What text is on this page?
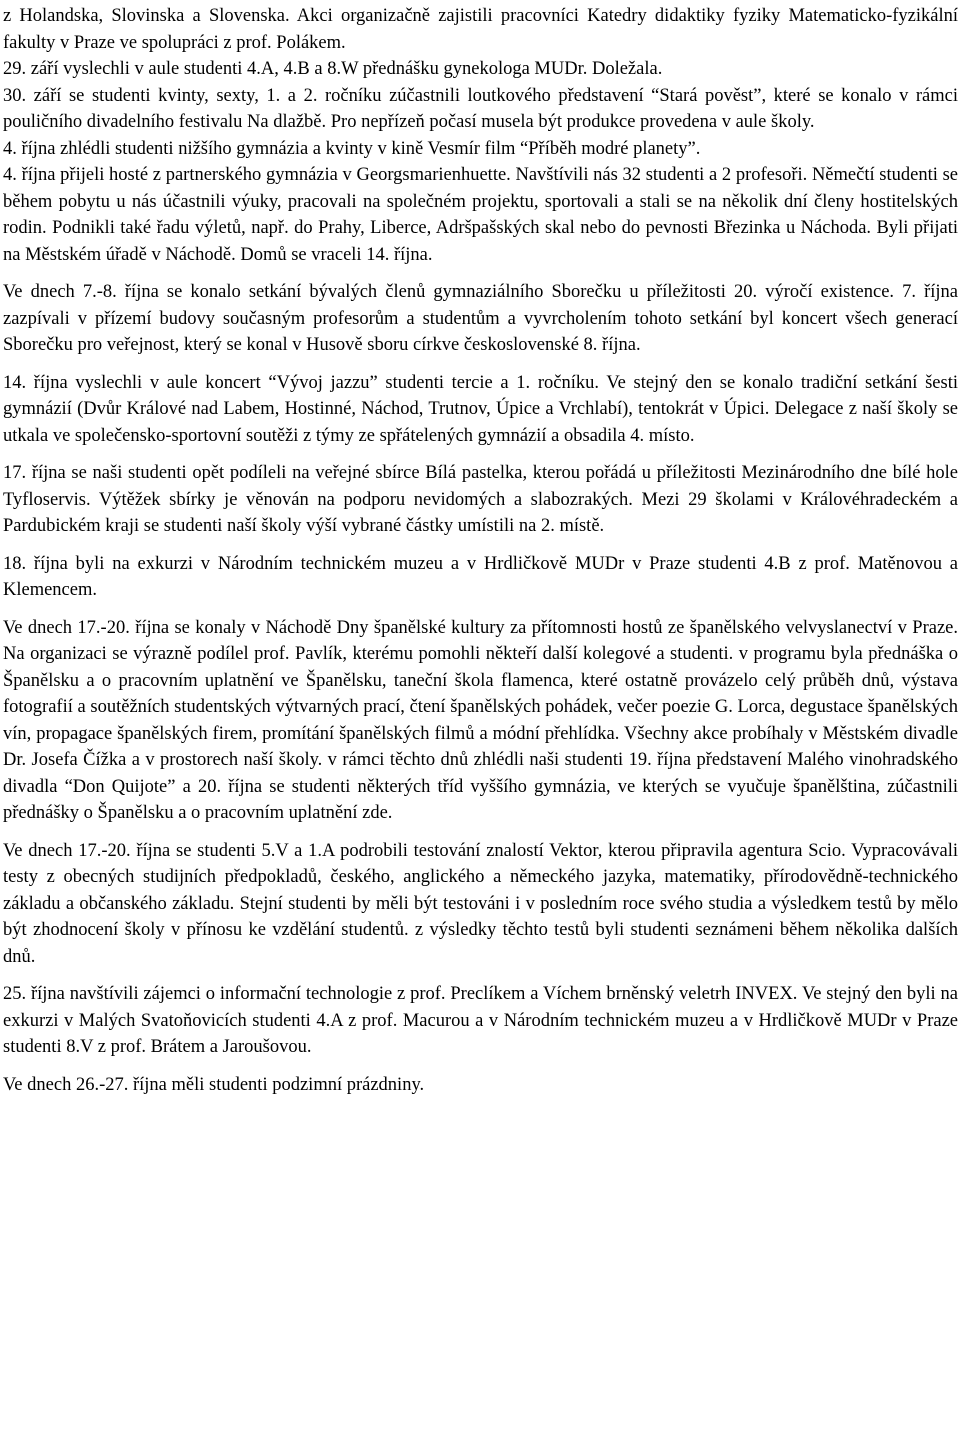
z Holandska, Slovinska a Slovenska. Akci organizačně zajistili pracovníci Katedry didaktiky fyziky Matematicko-fyzikální fakulty v Praze ve spolupráci z prof. Polákem.

29. září vyslechli v aule studenti 4.A, 4.B a 8.W přednášku gynekologa MUDr. Doležala.

30. září se studenti kvinty, sexty, 1. a 2. ročníku zúčastnili loutkového představení “Stará pověst”, které se konalo v rámci pouličního divadelního festivalu Na dlažbě. Pro nepřízeň počasí musela být produkce provedena v aule školy.

4. října zhlédli studenti nižšího gymnázia a kvinty v kině Vesmír film “Příběh modré planety”.

4. října přijeli hosté z partnerského gymnázia v Georgsmarienhuette. Navštívili nás 32 studenti a 2 profesoři. Němečtí studenti se během pobytu u nás účastnili výuky, pracovali na společném projektu, sportovali a stali se na několik dní členy hostitelských rodin. Podnikli také řadu výletů, např. do Prahy, Liberce, Adršpašských skal nebo do pevnosti Březinka u Náchoda. Byli přijati na Městském úřadě v Náchodě. Domů se vraceli 14. října.

Ve dnech 7.-8. října se konalo setkání bývalých členů gymnaziálního Sborečku u příležitosti 20. výročí existence. 7. října zazpívali v přízemí budovy současným profesorům a studentům a vyvrcholením tohoto setkání byl koncert všech generací Sborečku pro veřejnost, který se konal v Husově sboru církve československé 8. října.

14. října vyslechli v aule koncert “Vývoj jazzu” studenti tercie a 1. ročníku. Ve stejný den se konalo tradiční setkání šesti gymnázií (Dvůr Králové nad Labem, Hostinné, Náchod, Trutnov, Úpice a Vrchlabí), tentokrát v Úpici. Delegace z naší školy se utkala ve společensko-sportovní soutěži z týmy ze spřátelených gymnázií a obsadila 4. místo.

17. října se naši studenti opět podíleli na veřejné sbírce Bílá pastelka, kterou pořádá u příležitosti Mezinárodního dne bílé hole Tyfloservis. Výtěžek sbírky je věnován na podporu nevidomých a slabozrakých. Mezi 29 školami v Královéhradeckém a Pardubickém kraji se studenti naší školy výší vybrané částky umístili na 2. místě.

18. října byli na exkurzi v Národním technickém muzeu a v Hrdličkově MUDr v Praze studenti 4.B z prof. Matěnovou a Klemencem.

Ve dnech 17.-20. října se konaly v Náchodě Dny španělské kultury za přítomnosti hostů ze španělského velvyslanectví v Praze. Na organizaci se výrazně podílel prof. Pavlík, kterému pomohli někteří další kolegové a studenti. v programu byla přednáška o Španělsku a o pracovním uplatnění ve Španělsku, taneční škola flamenca, které ostatně provázelo celý průběh dnů, výstava fotografií a soutěžních studentských výtvarných prací, čtení španělských pohádek, večer poezie G. Lorca, degustace španělských vín, propagace španělských firem, promítání španělských filmů a módní přehlídka. Všechny akce probíhaly v Městském divadle Dr. Josefa Čížka a v prostorech naší školy. v rámci těchto dnů zhlédli naši studenti 19. října představení Malého vinohradského divadla “Don Quijote” a 20. října se studenti některých tříd vyššího gymnázia, ve kterých se vyučuje španělština, zúčastnili přednášky o Španělsku a o pracovním uplatnění zde.

Ve dnech 17.-20. října se studenti 5.V a 1.A podrobili testování znalostí Vektor, kterou připravila agentura Scio. Vypracovávali testy z obecných studijních předpokladů, českého, anglického a německého jazyka, matematiky, přírodovědně-technického základu a občanského základu. Stejní studenti by měli být testováni i v posledním roce svého studia a výsledkem testů by mělo být zhodnocení školy v přínosu ke vzdělání studentů. z výsledky těchto testů byli studenti seznámeni během několika dalších dnů.

25. října navštívili zájemci o informační technologie z prof. Preclíkem a Víchem brněnský veletrh INVEX. Ve stejný den byli na exkurzi v Malých Svatoňovicích studenti 4.A z prof. Macurou a v Národním technickém muzeu a v Hrdličkově MUDr v Praze studenti 8.V z prof. Brátem a Jaroušovou.

Ve dnech 26.-27. října měli studenti podzimní prázdniny.
